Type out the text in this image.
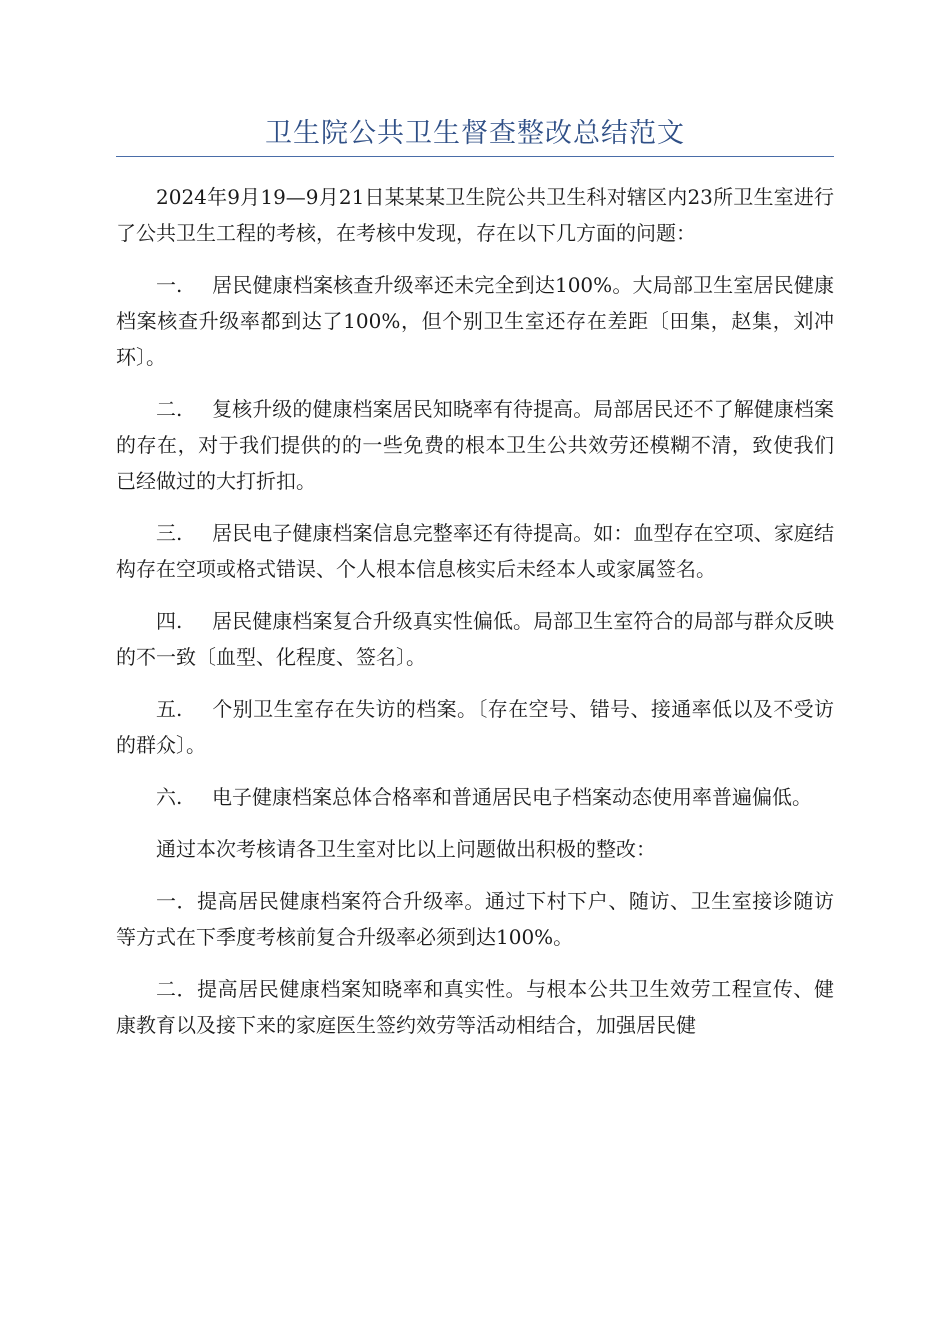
卫生院公共卫生督查整改总结范文

2024年9月19—9月21日某某某卫生院公共卫生科对辖区内23所卫生室进行了公共卫生工程的考核，在考核中发现，存在以下几方面的问题：

一. 居民健康档案核查升级率还未完全到达100%。大局部卫生室居民健康档案核查升级率都到达了100%，但个别卫生室还存在差距〔田集，赵集，刘冲环〕。

二. 复核升级的健康档案居民知晓率有待提高。局部居民还不了解健康档案的存在，对于我们提供的的一些免费的根本卫生公共效劳还模糊不清，致使我们已经做过的大打折扣。

三. 居民电子健康档案信息完整率还有待提高。如：血型存在空项、家庭结构存在空项或格式错误、个人根本信息核实后未经本人或家属签名。

四. 居民健康档案复合升级真实性偏低。局部卫生室符合的局部与群众反映的不一致〔血型、化程度、签名〕。

五. 个别卫生室存在失访的档案。〔存在空号、错号、接通率低以及不受访的群众〕。

六. 电子健康档案总体合格率和普通居民电子档案动态使用率普遍偏低。

通过本次考核请各卫生室对比以上问题做出积极的整改：

一．提高居民健康档案符合升级率。通过下村下户、随访、卫生室接诊随访等方式在下季度考核前复合升级率必须到达100%。

二．提高居民健康档案知晓率和真实性。与根本公共卫生效劳工程宣传、健康教育以及接下来的家庭医生签约效劳等活动相结合，加强居民健
